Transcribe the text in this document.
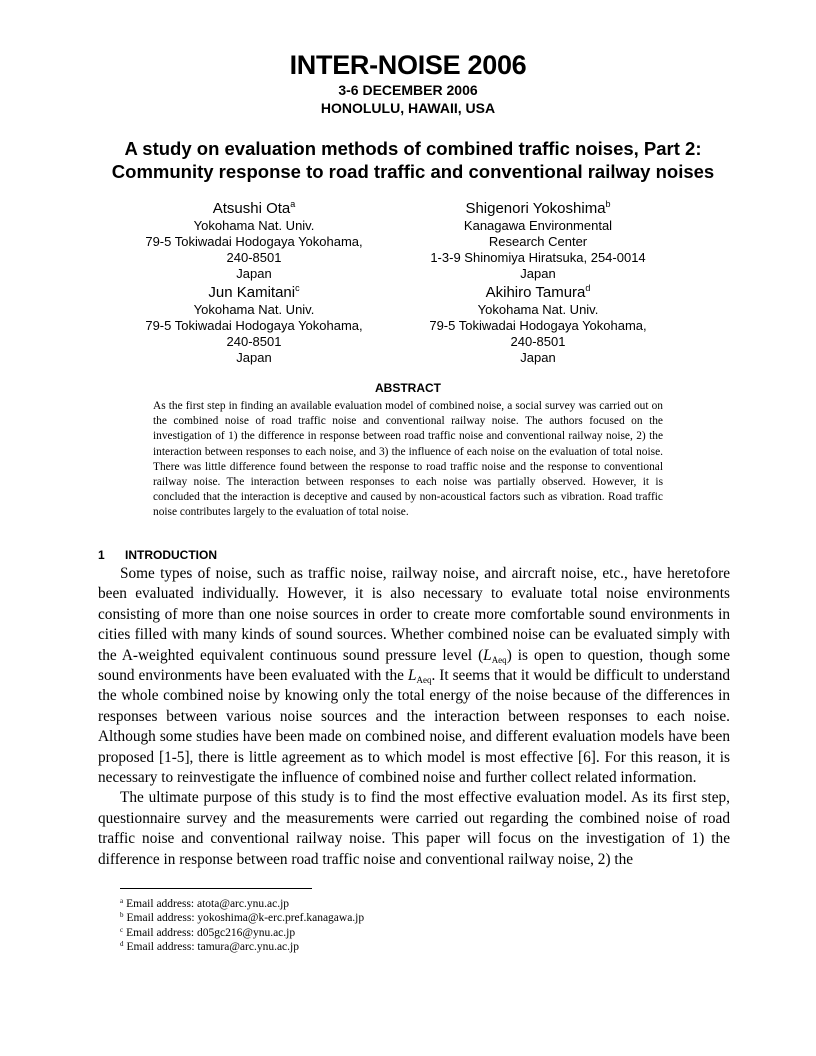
INTER-NOISE 2006
3-6 DECEMBER 2006
HONOLULU, HAWAII, USA
A study on evaluation methods of combined traffic noises, Part 2:
Community response to road traffic and conventional railway noises
Atsushi Ota$^a$
Yokohama Nat. Univ.
79-5 Tokiwadai Hodogaya Yokohama,
240-8501
Japan
Shigenori Yokoshima$^b$
Kanagawa Environmental
Research Center
1-3-9 Shinomiya Hiratsuka, 254-0014
Japan
Jun Kamitani$^c$
Yokohama Nat. Univ.
79-5 Tokiwadai Hodogaya Yokohama,
240-8501
Japan
Akihiro Tamura$^d$
Yokohama Nat. Univ.
79-5 Tokiwadai Hodogaya Yokohama,
240-8501
Japan
ABSTRACT
As the first step in finding an available evaluation model of combined noise, a social survey was carried out on the combined noise of road traffic noise and conventional railway noise. The authors focused on the investigation of 1) the difference in response between road traffic noise and conventional railway noise, 2) the interaction between responses to each noise, and 3) the influence of each noise on the evaluation of total noise. There was little difference found between the response to road traffic noise and the response to conventional railway noise. The interaction between responses to each noise was partially observed. However, it is concluded that the interaction is deceptive and caused by non-acoustical factors such as vibration. Road traffic noise contributes largely to the evaluation of total noise.
1 INTRODUCTION

Some types of noise, such as traffic noise, railway noise, and aircraft noise, etc., have heretofore been evaluated individually. However, it is also necessary to evaluate total noise environments consisting of more than one noise sources in order to create more comfortable sound environments in cities filled with many kinds of sound sources. Whether combined noise can be evaluated simply with the A-weighted equivalent continuous sound pressure level $(L_{Aeq})$ is open to question, though some sound environments have been evaluated with the $L_{Aeq}$. It seems that it would be difficult to understand the whole combined noise by knowing only the total energy of the noise because of the differences in responses between various noise sources and the interaction between responses to each noise. Although some studies have been made on combined noise, and different evaluation models have been proposed [1-5], there is little agreement as to which model is most effective [6]. For this reason, it is necessary to reinvestigate the influence of combined noise and further collect related information.

The ultimate purpose of this study is to find the most effective evaluation model. As its first step, questionnaire survey and the measurements were carried out regarding the combined noise of road traffic noise and conventional railway noise. This paper will focus on the investigation of 1) the difference in response between road traffic noise and conventional railway noise, 2) the

$^a$ Email address: atota@arc.ynu.ac.jp
$^b$ Email address: yokoshima@k-erc.pref.kanagawa.jp
$^c$ Email address: d05gc216@ynu.ac.jp
$^d$ Email address: tamura@arc.ynu.ac.jp
